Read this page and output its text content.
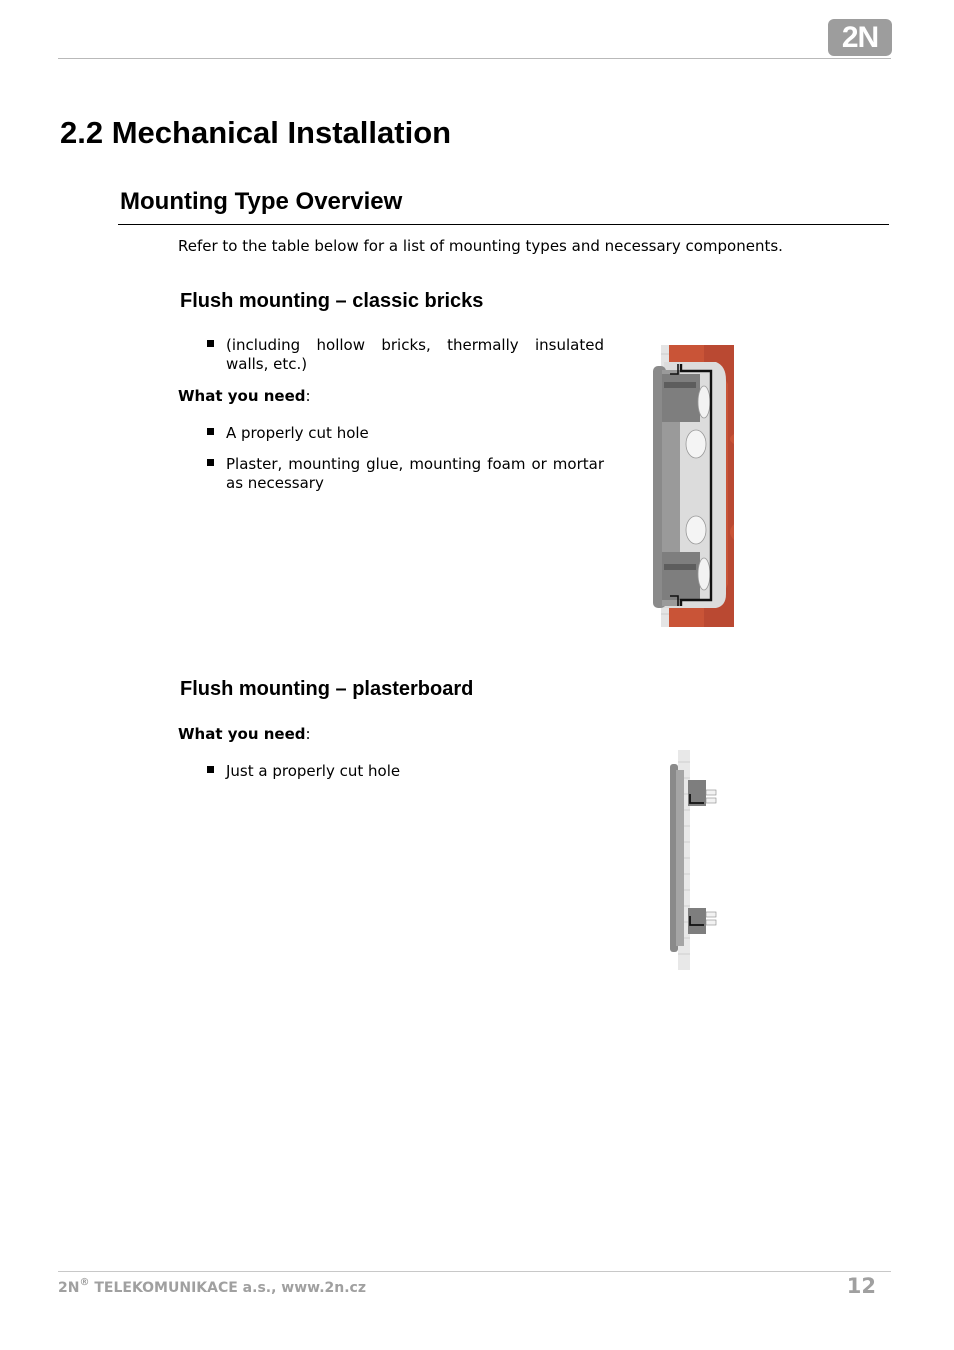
2N
2.2 Mechanical Installation
Mounting Type Overview
Refer to the table below for a list of mounting types and necessary components.
Flush mounting – classic bricks
(including hollow bricks, thermally insulated walls, etc.)
What you need:
A properly cut hole
Plaster, mounting glue, mounting foam or mortar as necessary
Flush mounting – plasterboard
What you need:
Just a properly cut hole
2N® TELEKOMUNIKACE a.s., www.2n.cz	12
